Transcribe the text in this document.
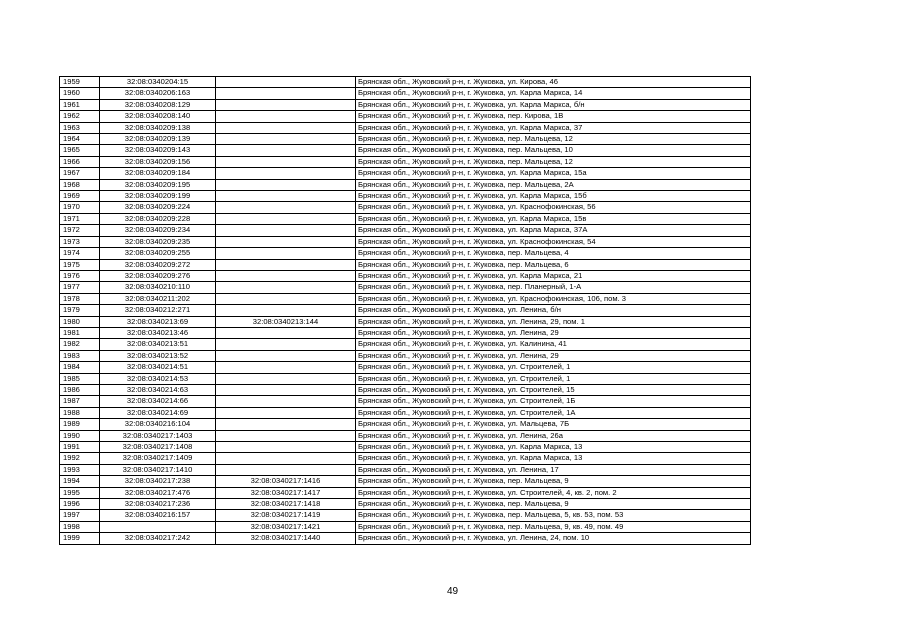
1959	32:08:0340204:15		Брянская обл., Жуковский р-н, г. Жуковка, ул. Кирова, 46
1960	32:08:0340206:163		Брянская обл., Жуковский р-н, г. Жуковка, ул. Карла Маркса, 14
1961	32:08:0340208:129		Брянская обл., Жуковский р-н, г. Жуковка, ул. Карла Маркса, б/н
1962	32:08:0340208:140		Брянская обл., Жуковский р-н, г. Жуковка, пер. Кирова, 1В
1963	32:08:0340209:138		Брянская обл., Жуковский р-н, г. Жуковка, ул. Карла Маркса, 37
1964	32:08:0340209:139		Брянская обл., Жуковский р-н, г. Жуковка, пер. Мальцева, 12
1965	32:08:0340209:143		Брянская обл., Жуковский р-н, г. Жуковка, пер. Мальцева, 10
1966	32:08:0340209:156		Брянская обл., Жуковский р-н, г. Жуковка, пер. Мальцева, 12
1967	32:08:0340209:184		Брянская обл., Жуковский р-н, г. Жуковка, ул. Карла Маркса, 15а
1968	32:08:0340209:195		Брянская обл., Жуковский р-н, г. Жуковка, пер. Мальцева, 2А
1969	32:08:0340209:199		Брянская обл., Жуковский р-н, г. Жуковка, ул. Карла Маркса, 15б
1970	32:08:0340209:224		Брянская обл., Жуковский р-н, г. Жуковка, ул. Краснофокинская, 56
1971	32:08:0340209:228		Брянская обл., Жуковский р-н, г. Жуковка, ул. Карла Маркса, 15в
1972	32:08:0340209:234		Брянская обл., Жуковский р-н, г. Жуковка, ул. Карла Маркса, 37А
1973	32:08:0340209:235		Брянская обл., Жуковский р-н, г. Жуковка, ул. Краснофокинская, 54
1974	32:08:0340209:255		Брянская обл., Жуковский р-н, г. Жуковка, пер. Мальцева, 4
1975	32:08:0340209:272		Брянская обл., Жуковский р-н, г. Жуковка, пер. Мальцева, 6
1976	32:08:0340209:276		Брянская обл., Жуковский р-н, г. Жуковка, ул. Карла Маркса, 21
1977	32:08:0340210:110		Брянская обл., Жуковский р-н, г. Жуковка, пер. Планерный, 1-А
1978	32:08:0340211:202		Брянская обл., Жуковский р-н, г. Жуковка, ул. Краснофокинская, 106, пом. 3
1979	32:08:0340212:271		Брянская обл., Жуковский р-н, г. Жуковка, ул. Ленина, б/н
1980	32:08:0340213:69	32:08:0340213:144	Брянская обл., Жуковский р-н, г. Жуковка, ул. Ленина, 29, пом. 1
1981	32:08:0340213:46		Брянская обл., Жуковский р-н, г. Жуковка, ул. Ленина, 29
1982	32:08:0340213:51		Брянская обл., Жуковский р-н, г. Жуковка, ул. Калинина, 41
1983	32:08:0340213:52		Брянская обл., Жуковский р-н, г. Жуковка, ул. Ленина, 29
1984	32:08:0340214:51		Брянская обл., Жуковский р-н, г. Жуковка, ул. Строителей, 1
1985	32:08:0340214:53		Брянская обл., Жуковский р-н, г. Жуковка, ул. Строителей, 1
1986	32:08:0340214:63		Брянская обл., Жуковский р-н, г. Жуковка, ул. Строителей, 15
1987	32:08:0340214:66		Брянская обл., Жуковский р-н, г. Жуковка, ул. Строителей, 1Б
1988	32:08:0340214:69		Брянская обл., Жуковский р-н, г. Жуковка, ул. Строителей, 1А
1989	32:08:0340216:104		Брянская обл., Жуковский р-н, г. Жуковка, ул. Мальцева, 7Б
1990	32:08:0340217:1403		Брянская обл., Жуковский р-н, г. Жуковка, ул. Ленина, 26а
1991	32:08:0340217:1408		Брянская обл., Жуковский р-н, г. Жуковка, ул. Карла Маркса, 13
1992	32:08:0340217:1409		Брянская обл., Жуковский р-н, г. Жуковка, ул. Карла Маркса, 13
1993	32:08:0340217:1410		Брянская обл., Жуковский р-н, г. Жуковка, ул. Ленина, 17
1994	32:08:0340217:238	32:08:0340217:1416	Брянская обл., Жуковский р-н, г. Жуковка, пер. Мальцева, 9
1995	32:08:0340217:476	32:08:0340217:1417	Брянская обл., Жуковский р-н, г. Жуковка, ул. Строителей, 4, кв. 2, пом. 2
1996	32:08:0340217:236	32:08:0340217:1418	Брянская обл., Жуковский р-н, г. Жуковка, пер. Мальцева, 9
1997	32:08:0340216:157	32:08:0340217:1419	Брянская обл., Жуковский р-н, г. Жуковка, пер. Мальцева, 5, кв. 53, пом. 53
1998		32:08:0340217:1421	Брянская обл., Жуковский р-н, г. Жуковка, пер. Мальцева, 9, кв. 49, пом. 49
1999	32:08:0340217:242	32:08:0340217:1440	Брянская обл., Жуковский р-н, г. Жуковка, ул. Ленина, 24, пом. 10
49
